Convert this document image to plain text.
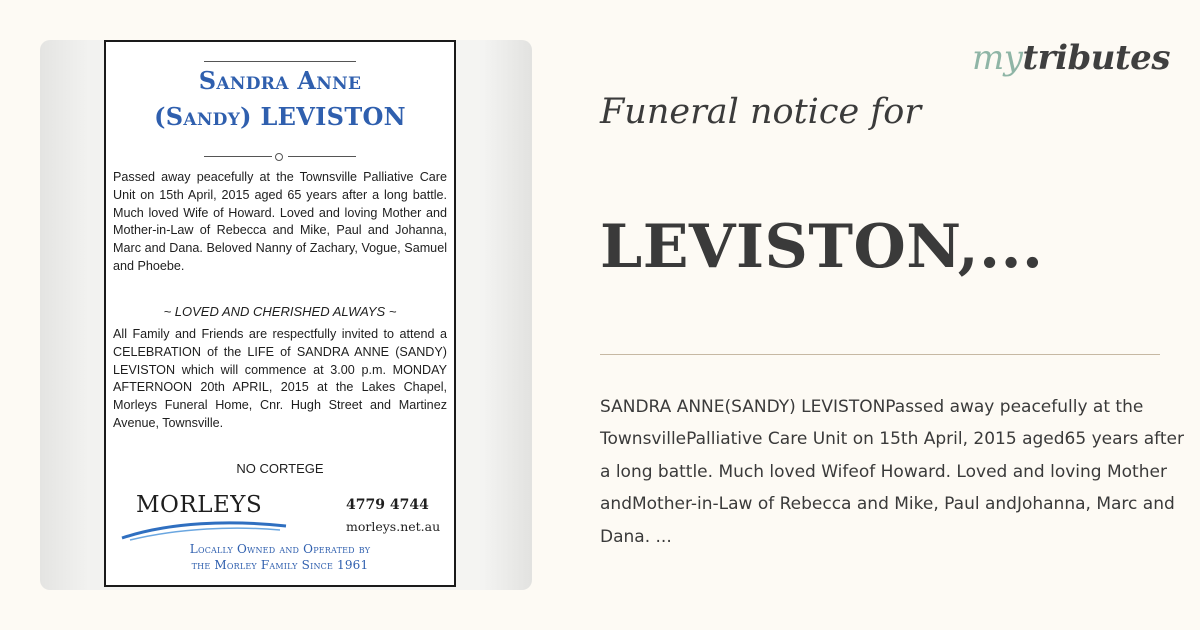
Sandra Anne
(Sandy) LEVISTON

Passed away peacefully at the Townsville Palliative Care Unit on 15th April, 2015 aged 65 years after a long battle. Much loved Wife of Howard. Loved and loving Mother and Mother-in-Law of Rebecca and Mike, Paul and Johanna, Marc and Dana. Beloved Nanny of Zachary, Vogue, Samuel and Phoebe.

~ LOVED AND CHERISHED ALWAYS ~

All Family and Friends are respectfully invited to attend a CELEBRATION of the LIFE of SANDRA ANNE (SANDY) LEVISTON which will commence at 3.00 p.m. MONDAY AFTERNOON 20th APRIL, 2015 at the Lakes Chapel, Morleys Funeral Home, Cnr. Hugh Street and Martinez Avenue, Townsville.

NO CORTEGE
MORLEYS	4779 4744
morleys.net.au
Locally Owned and Operated by
the Morley Family Since 1961
mytributes
Funeral notice for
LEVISTON,...

SANDRA ANNE(SANDY) LEVISTONPassed away peacefully at the TownsvillePalliative Care Unit on 15th April, 2015 aged65 years after a long battle. Much loved Wifeof Howard. Loved and loving Mother andMother-in-Law of Rebecca and Mike, Paul andJohanna, Marc and Dana. ...
